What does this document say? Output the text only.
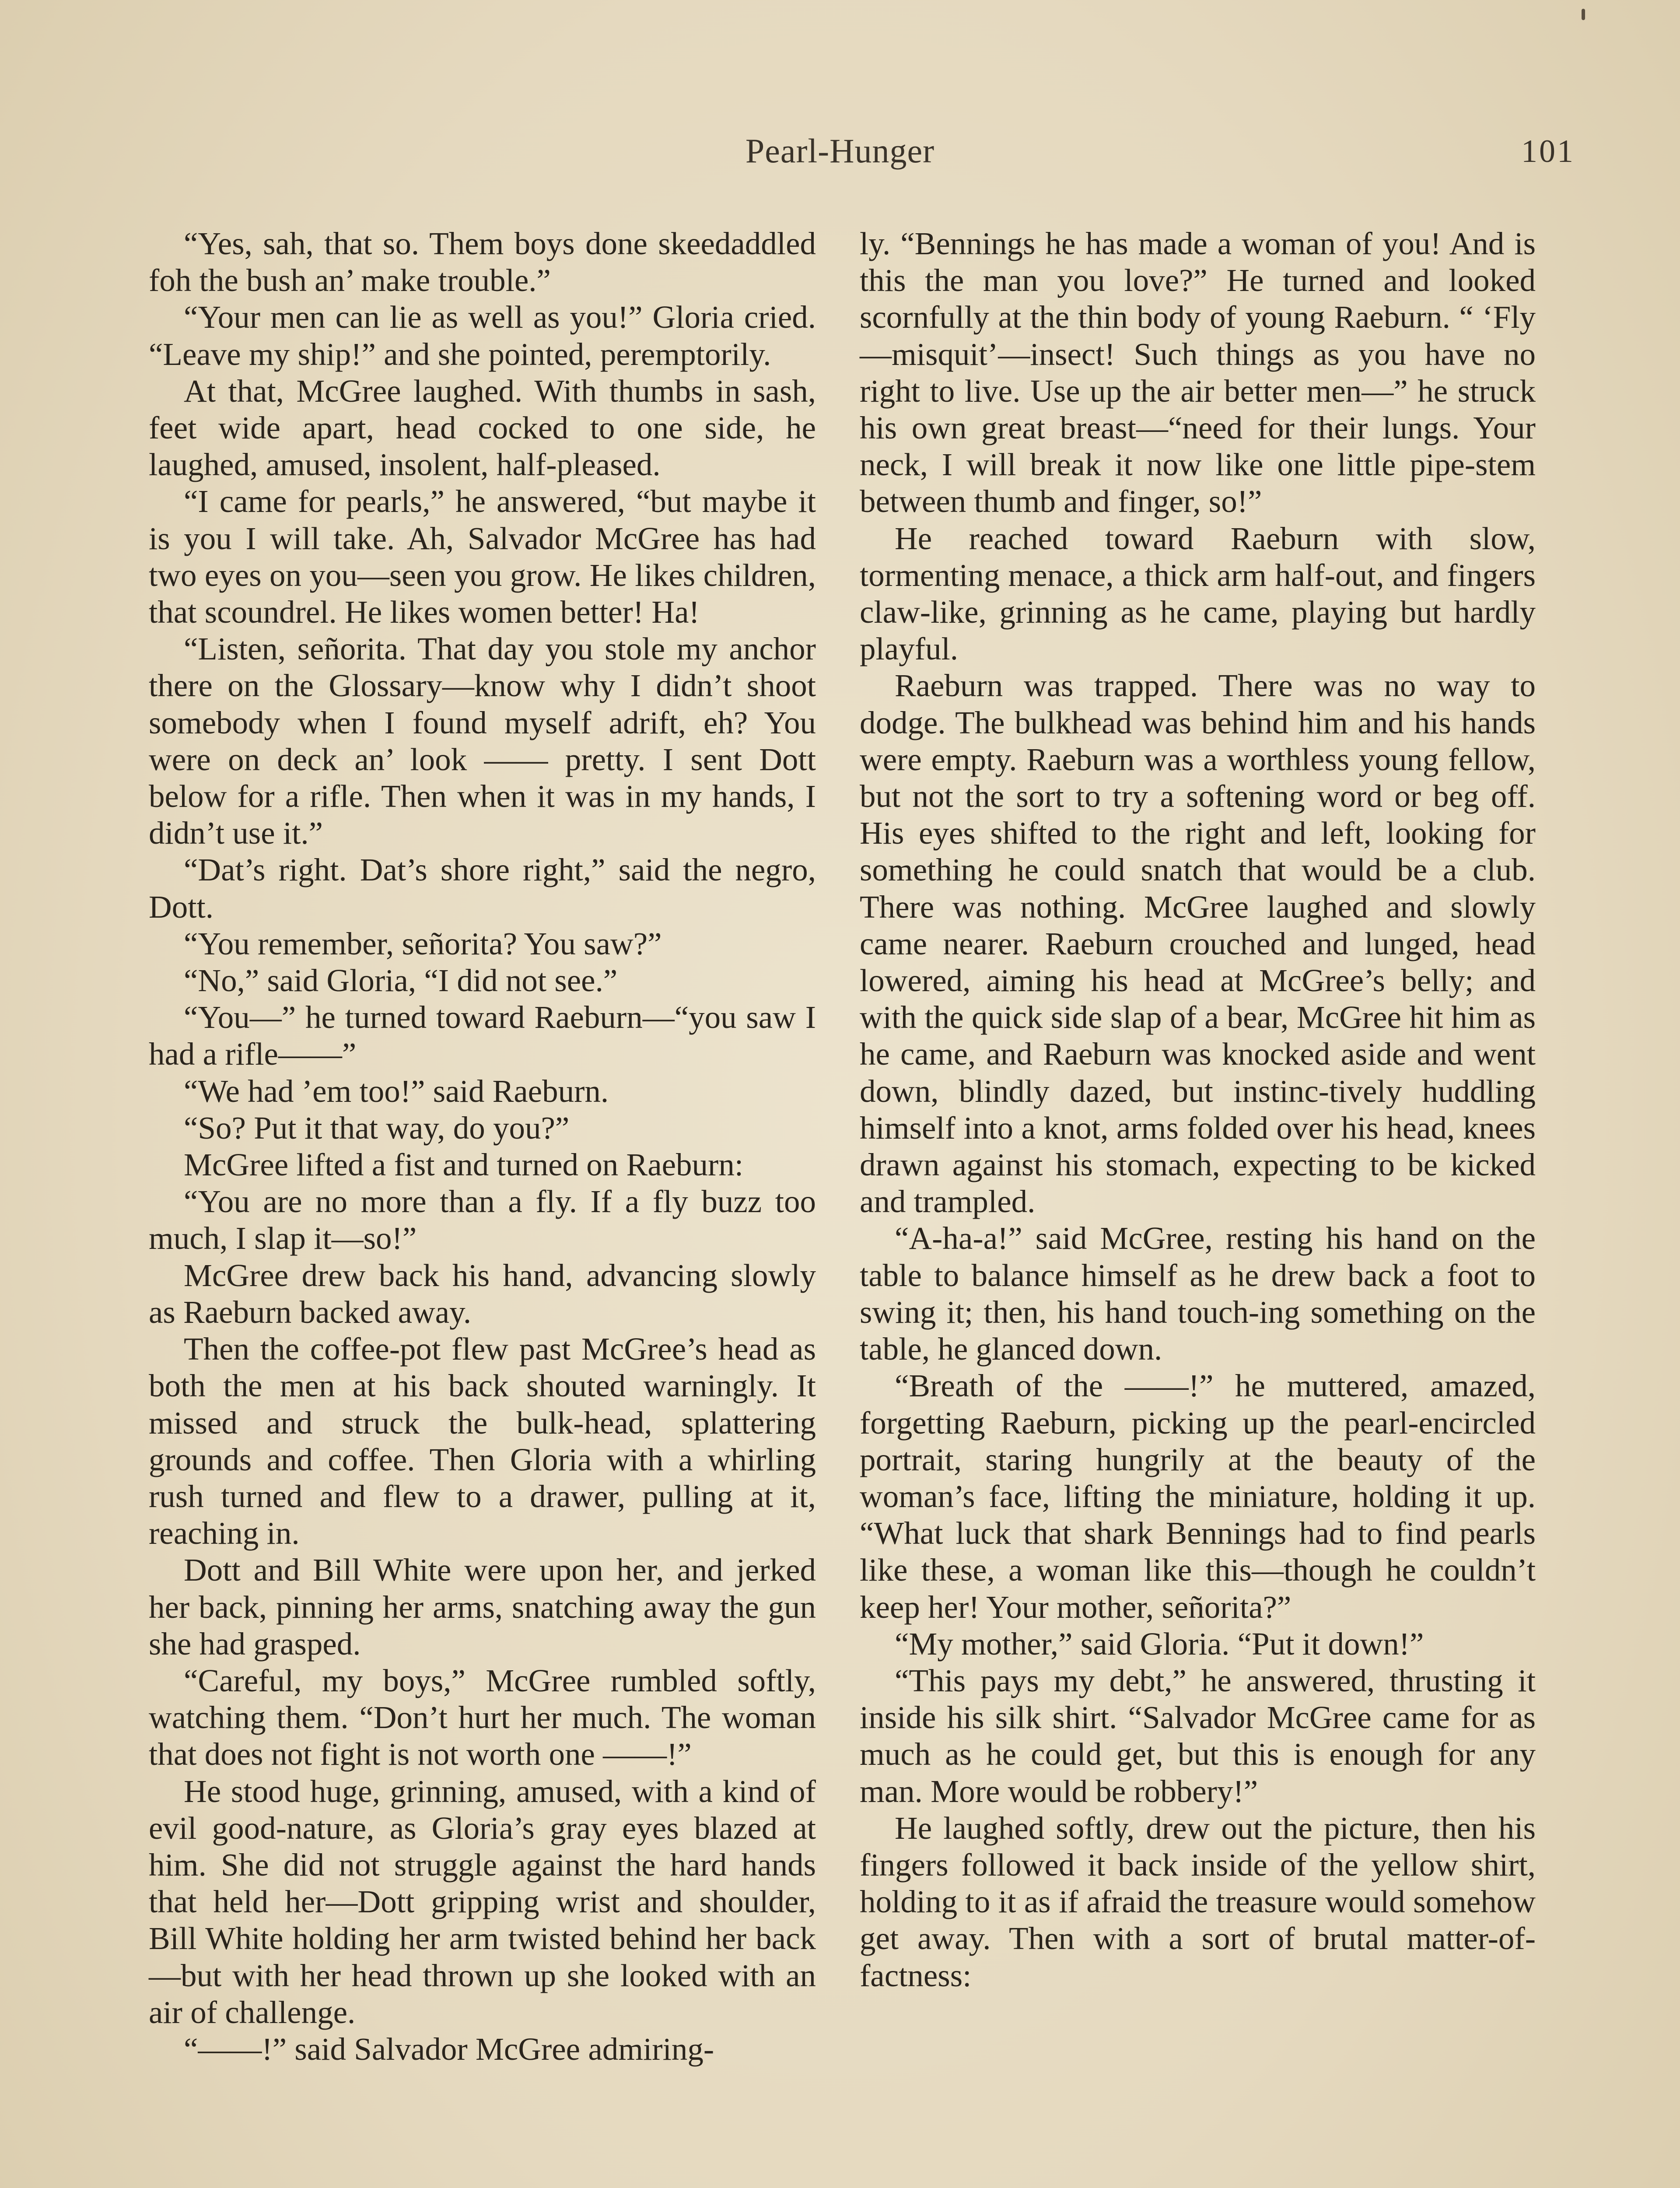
Pearl-Hunger	101

“Yes, sah, that so. Them boys done skeedaddled foh the bush an’ make trouble.”

“Your men can lie as well as you!” Gloria cried. “Leave my ship!” and she pointed, peremptorily.

At that, McGree laughed. With thumbs in sash, feet wide apart, head cocked to one side, he laughed, amused, insolent, half-pleased.

“I came for pearls,” he answered, “but maybe it is you I will take. Ah, Salvador McGree has had two eyes on you—seen you grow. He likes children, that scoundrel. He likes women better! Ha!

“Listen, señorita. That day you stole my anchor there on the Glossary—know why I didn’t shoot somebody when I found myself adrift, eh? You were on deck an’ look —— pretty. I sent Dott below for a rifle. Then when it was in my hands, I didn’t use it.”

“Dat’s right. Dat’s shore right,” said the negro, Dott.

“You remember, señorita? You saw?”

“No,” said Gloria, “I did not see.”

“You—” he turned toward Raeburn—“you saw I had a rifle——”

“We had ’em too!” said Raeburn.

“So? Put it that way, do you?”

McGree lifted a fist and turned on Raeburn:

“You are no more than a fly. If a fly buzz too much, I slap it—so!”

McGree drew back his hand, advancing slowly as Raeburn backed away.

Then the coffee-pot flew past McGree’s head as both the men at his back shouted warningly. It missed and struck the bulk-head, splattering grounds and coffee. Then Gloria with a whirling rush turned and flew to a drawer, pulling at it, reaching in.

Dott and Bill White were upon her, and jerked her back, pinning her arms, snatching away the gun she had grasped.

“Careful, my boys,” McGree rumbled softly, watching them. “Don’t hurt her much. The woman that does not fight is not worth one ——!”

He stood huge, grinning, amused, with a kind of evil good-nature, as Gloria’s gray eyes blazed at him. She did not struggle against the hard hands that held her—Dott gripping wrist and shoulder, Bill White holding her arm twisted behind her back—but with her head thrown up she looked with an air of challenge.

“——!” said Salvador McGree admiring-

ly. “Bennings he has made a woman of you! And is this the man you love?” He turned and looked scornfully at the thin body of young Raeburn. “ ‘Fly—misquit’—insect! Such things as you have no right to live. Use up the air better men—” he struck his own great breast—“need for their lungs. Your neck, I will break it now like one little pipe-stem between thumb and finger, so!”

He reached toward Raeburn with slow, tormenting menace, a thick arm half-out, and fingers claw-like, grinning as he came, playing but hardly playful.

Raeburn was trapped. There was no way to dodge. The bulkhead was behind him and his hands were empty. Raeburn was a worthless young fellow, but not the sort to try a softening word or beg off. His eyes shifted to the right and left, looking for something he could snatch that would be a club. There was nothing. McGree laughed and slowly came nearer. Raeburn crouched and lunged, head lowered, aiming his head at McGree’s belly; and with the quick side slap of a bear, McGree hit him as he came, and Raeburn was knocked aside and went down, blindly dazed, but instinc-tively huddling himself into a knot, arms folded over his head, knees drawn against his stomach, expecting to be kicked and trampled.

“A-ha-a!” said McGree, resting his hand on the table to balance himself as he drew back a foot to swing it; then, his hand touch-ing something on the table, he glanced down.

“Breath of the ——!” he muttered, amazed, forgetting Raeburn, picking up the pearl-encircled portrait, staring hungrily at the beauty of the woman’s face, lifting the miniature, holding it up. “What luck that shark Bennings had to find pearls like these, a woman like this—though he couldn’t keep her! Your mother, señorita?”

“My mother,” said Gloria. “Put it down!”

“This pays my debt,” he answered, thrusting it inside his silk shirt. “Salvador McGree came for as much as he could get, but this is enough for any man. More would be robbery!”

He laughed softly, drew out the picture, then his fingers followed it back inside of the yellow shirt, holding to it as if afraid the treasure would somehow get away. Then with a sort of brutal matter-of-factness:
